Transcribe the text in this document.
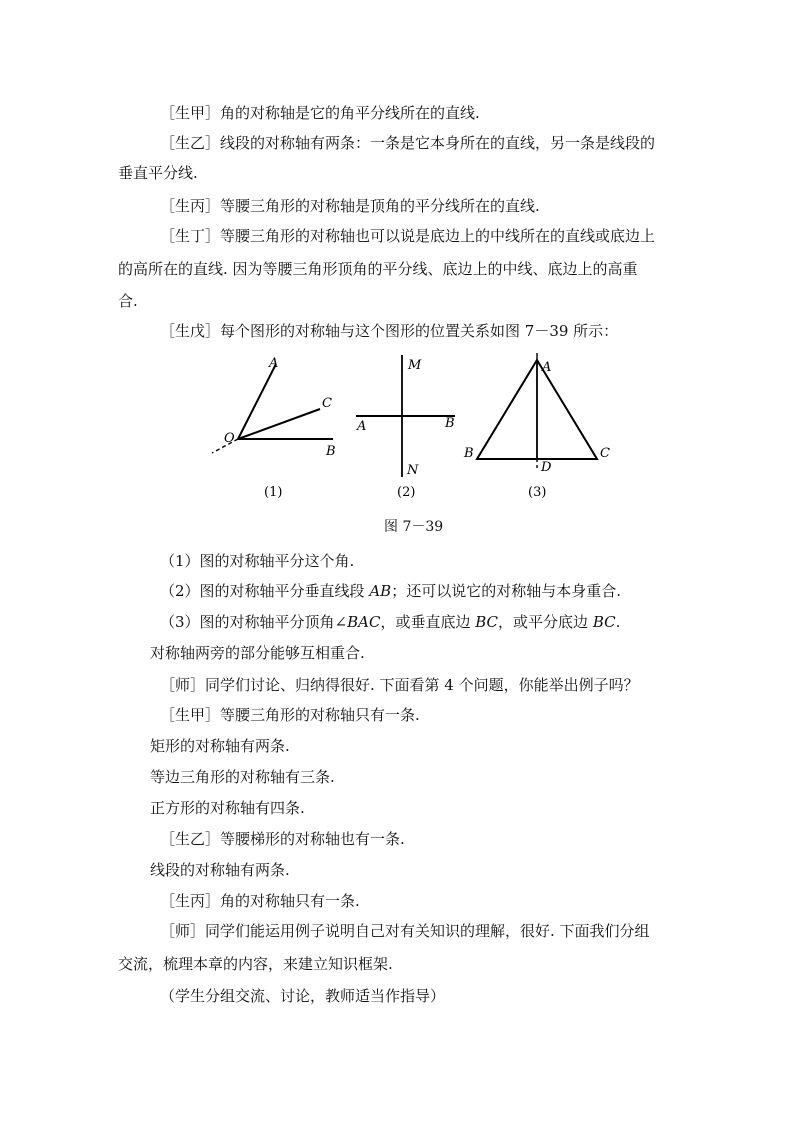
［生甲］角的对称轴是它的角平分线所在的直线.
［生乙］线段的对称轴有两条：一条是它本身所在的直线，另一条是线段的
垂直平分线.
［生丙］等腰三角形的对称轴是顶角的平分线所在的直线.
［生丁］等腰三角形的对称轴也可以说是底边上的中线所在的直线或底边上
的高所在的直线. 因为等腰三角形顶角的平分线、底边上的中线、底边上的高重
合.
［生戊］每个图形的对称轴与这个图形的位置关系如图 7－39 所示：
A
C
O
B
(1)
M
A	B
N
(2)
A
B	C
D
(3)
图 7－39
（1）图的对称轴平分这个角.
（2）图的对称轴平分垂直线段 AB；还可以说它的对称轴与本身重合.
（3）图的对称轴平分顶角∠BAC，或垂直底边 BC，或平分底边 BC.
对称轴两旁的部分能够互相重合.
［师］同学们讨论、归纳得很好. 下面看第 4 个问题，你能举出例子吗？
［生甲］等腰三角形的对称轴只有一条.
矩形的对称轴有两条.
等边三角形的对称轴有三条.
正方形的对称轴有四条.
［生乙］等腰梯形的对称轴也有一条.
线段的对称轴有两条.
［生丙］角的对称轴只有一条.
［师］同学们能运用例子说明自己对有关知识的理解，很好. 下面我们分组
交流，梳理本章的内容，来建立知识框架.
（学生分组交流、讨论，教师适当作指导）
